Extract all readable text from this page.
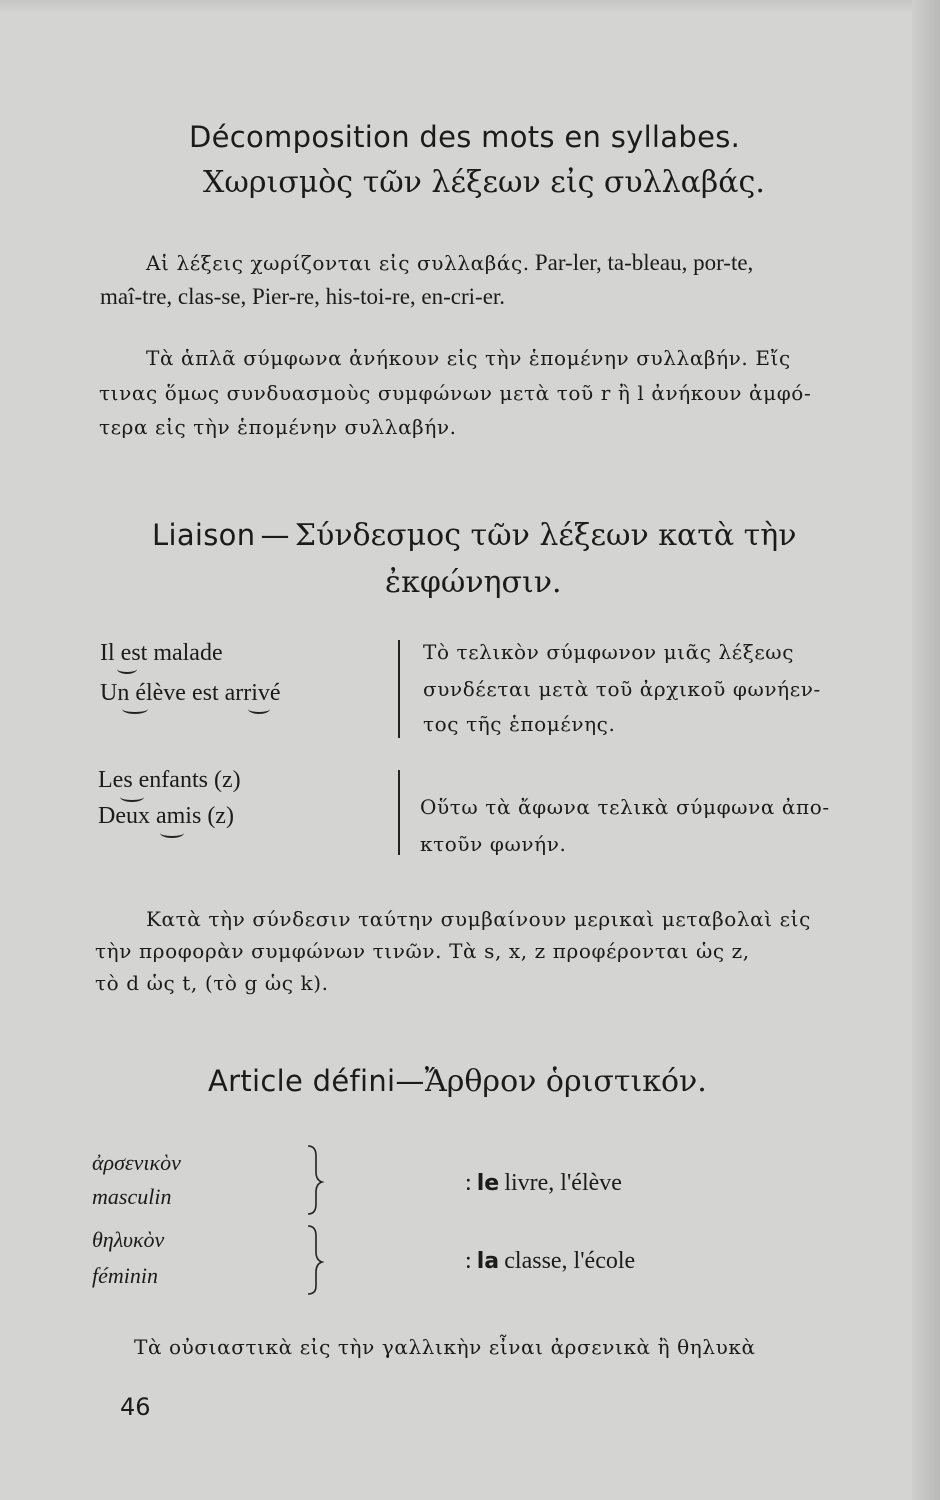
Décomposition des mots en syllabes.
Χωρισμὸς τῶν λέξεων εἰς συλλαβάς.
Αἱ λέξεις χωρίζονται εἰς συλλαβάς. Par-ler, ta-bleau, por-te,
maî-tre, clas-se, Pier-re, his-toi-re, en-cri-er.
Τὰ ἁπλᾶ σύμφωνα ἀνήκουν εἰς τὴν ἑπομένην συλλαβήν. Εἴς
τινας ὅμως συνδυασμοὺς συμφώνων μετὰ τοῦ r ἢ l ἀνήκουν ἀμφό-
τερα εἰς τὴν ἑπομένην συλλαβήν.
Liaison — Σύνδεσμος τῶν λέξεων κατὰ τὴν
ἐκφώνησιν.
Il est malade
Un élève est arrivé
Τὸ τελικὸν σύμφωνον μιᾶς λέξεως
συνδέεται μετὰ τοῦ ἀρχικοῦ φωνήεν-
τος τῆς ἑπομένης.
Les enfants (z)
Deux amis (z)	Οὕτω τὰ ἄφωνα τελικὰ σύμφωνα ἀπο-
κτοῦν φωνήν.
Κατὰ τὴν σύνδεσιν ταύτην συμβαίνουν μερικαὶ μεταβολαὶ εἰς
τὴν προφορὰν συμφώνων τινῶν. Τὰ s, x, z προφέρονται ὡς z,
τὸ d ὡς t, (τὸ g ὡς k).
Article défini—Ἄρθρον ὁριστικόν.
ἀρσενικὸν
masculin
θηλυκὸν
féminin
: le livre, l'élève
: la classe, l'école
Τὰ οὐσιαστικὰ εἰς τὴν γαλλικὴν εἶναι ἀρσενικὰ ἢ θηλυκὰ
46
